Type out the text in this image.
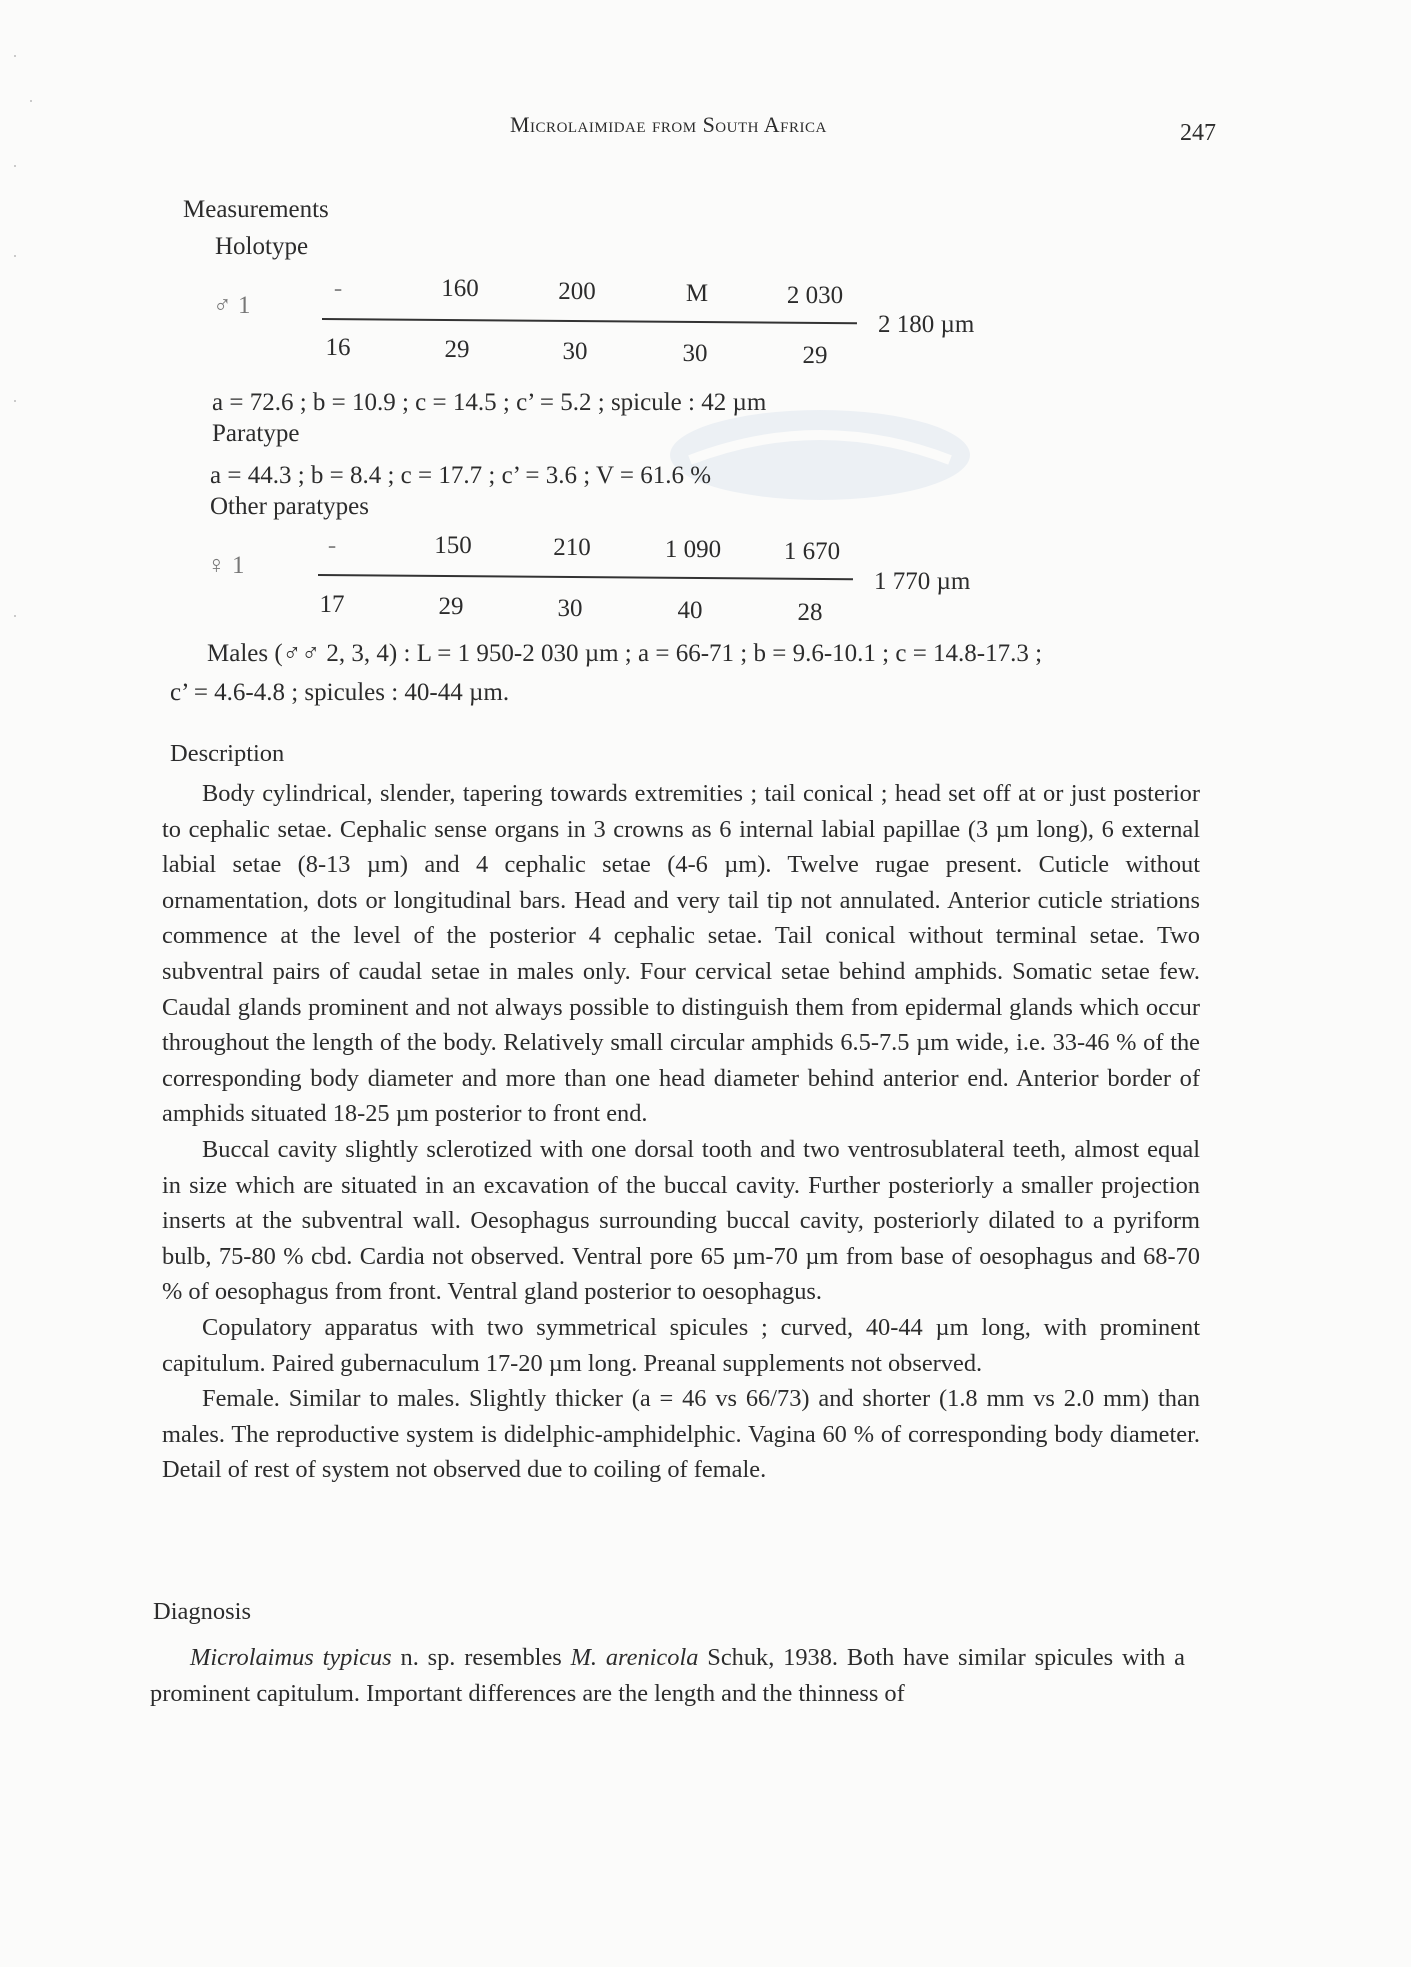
Microlaimidae from South Africa	247
Measurements
Holotype
♂ 1
-	160	200	M	2 030
16	29	30	30	29
2 180 µm
a = 72.6 ; b = 10.9 ; c = 14.5 ; c’ = 5.2 ; spicule : 42 µm
Paratype
a = 44.3 ; b = 8.4 ; c = 17.7 ; c’ = 3.6 ; V = 61.6 %
Other paratypes
♀ 1
-	150	210	1 090	1 670
17	29	30	40	28
1 770 µm
Males (♂♂ 2, 3, 4) : L = 1 950-2 030 µm ; a = 66-71 ; b = 9.6-10.1 ; c = 14.8-17.3 ;
c’ = 4.6-4.8 ; spicules : 40-44 µm.
Description

Body cylindrical, slender, tapering towards extremities ; tail conical ; head set off at or just posterior to cephalic setae. Cephalic sense organs in 3 crowns as 6 internal labial papillae (3 µm long), 6 external labial setae (8-13 µm) and 4 cephalic setae (4-6 µm). Twelve rugae present. Cuticle without ornamentation, dots or longitudinal bars. Head and very tail tip not annulated. Anterior cuticle striations commence at the level of the posterior 4 cephalic setae. Tail conical without terminal setae. Two subventral pairs of caudal setae in males only. Four cervical setae behind amphids. Somatic setae few. Caudal glands prominent and not always possible to distinguish them from epidermal glands which occur throughout the length of the body. Relatively small circular amphids 6.5-7.5 µm wide, i.e. 33-46 % of the corresponding body diameter and more than one head diameter behind anterior end. Anterior border of amphids situated 18-25 µm posterior to front end.

Buccal cavity slightly sclerotized with one dorsal tooth and two ventrosublateral teeth, almost equal in size which are situated in an excavation of the buccal cavity. Further posteriorly a smaller projection inserts at the subventral wall. Oesophagus surrounding buccal cavity, posteriorly dilated to a pyriform bulb, 75-80 % cbd. Cardia not observed. Ventral pore 65 µm-70 µm from base of oesophagus and 68-70 % of oesophagus from front. Ventral gland posterior to oesophagus.

Copulatory apparatus with two symmetrical spicules ; curved, 40-44 µm long, with prominent capitulum. Paired gubernaculum 17-20 µm long. Preanal supplements not observed.

Female. Similar to males. Slightly thicker (a = 46 vs 66/73) and shorter (1.8 mm vs 2.0 mm) than males. The reproductive system is didelphic-amphidelphic. Vagina 60 % of corresponding body diameter. Detail of rest of system not observed due to coiling of female.

Diagnosis

Microlaimus typicus n. sp. resembles M. arenicola Schuk, 1938. Both have similar spicules with a prominent capitulum. Important differences are the length and the thinness of
